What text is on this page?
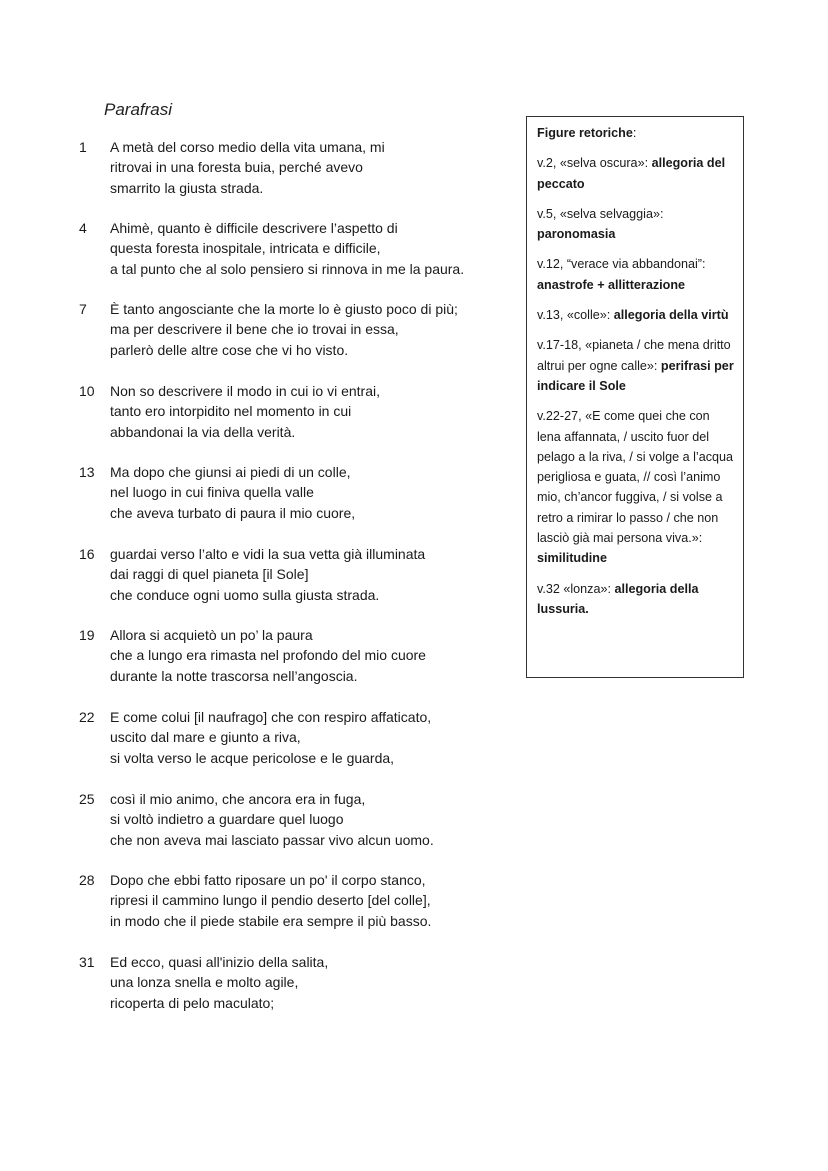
Parafrasi
1 A metà del corso medio della vita umana, mi
ritrovai in una foresta buia, perché avevo
smarrito la giusta strada.
4 Ahimè, quanto è difficile descrivere l’aspetto di
questa foresta inospitale, intricata e difficile,
a tal punto che al solo pensiero si rinnova in me la paura.
7 È tanto angosciante che la morte lo è giusto poco di più;
ma per descrivere il bene che io trovai in essa,
parlerò delle altre cose che vi ho visto.
10 Non so descrivere il modo in cui io vi entrai,
tanto ero intorpidito nel momento in cui
abbandonai la via della verità.
13 Ma dopo che giunsi ai piedi di un colle,
nel luogo in cui finiva quella valle
che aveva turbato di paura il mio cuore,
16 guardai verso l’alto e vidi la sua vetta già illuminata
dai raggi di quel pianeta [il Sole]
che conduce ogni uomo sulla giusta strada.
19 Allora si acquietò un po’ la paura
che a lungo era rimasta nel profondo del mio cuore
durante la notte trascorsa nell’angoscia.
22 E come colui [il naufrago] che con respiro affaticato,
uscito dal mare e giunto a riva,
si volta verso le acque pericolose e le guarda,
25 così il mio animo, che ancora era in fuga,
si voltò indietro a guardare quel luogo
che non aveva mai lasciato passar vivo alcun uomo.
28 Dopo che ebbi fatto riposare un po' il corpo stanco,
ripresi il cammino lungo il pendio deserto [del colle],
in modo che il piede stabile era sempre il più basso.
31 Ed ecco, quasi all'inizio della salita,
una lonza snella e molto agile,
ricoperta di pelo maculato;
Figure retoriche:
v.2, «selva oscura»: allegoria del peccato
v.5, «selva selvaggia»: paronomasia
v.12, “verace via abbandonai”: anastrofe + allitterazione
v.13, «colle»: allegoria della virtù
v.17-18, «pianeta / che mena dritto altrui per ogne calle»: perifrasi per indicare il Sole
v.22-27, «E come quei che con lena affannata, / uscito fuor del pelago a la riva, / si volge a l’acqua perigliosa e guata, // così l’animo mio, ch’ancor fuggiva, / si volse a retro a rimirar lo passo / che non lasciò già mai persona viva.»: similitudine
v.32 «lonza»: allegoria della lussuria.
